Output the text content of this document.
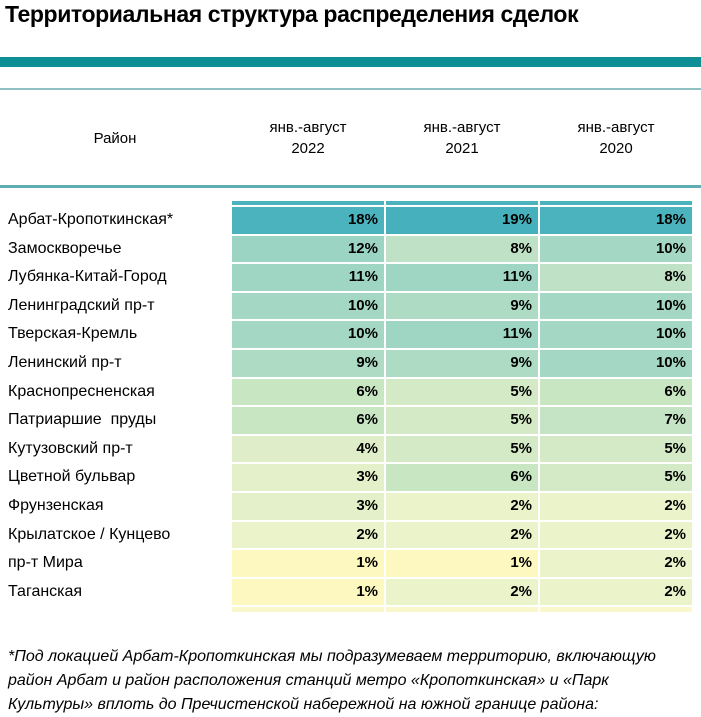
Территориальная структура распределения сделок
Район
янв.-август
2022
янв.-август
2021
янв.-август
2020
Арбат-Кропоткинская*	18%	19%	18%
Замоскворечье	12%	8%	10%
Лубянка-Китай-Город	11%	11%	8%
Ленинградский пр-т	10%	9%	10%
Тверская-Кремль	10%	11%	10%
Ленинский пр-т	9%	9%	10%
Краснопресненская	6%	5%	6%
Патриаршие  пруды	6%	5%	7%
Кутузовский пр-т	4%	5%	5%
Цветной бульвар	3%	6%	5%
Фрунзенская	3%	2%	2%
Крылатское / Кунцево	2%	2%	2%
пр-т Мира	1%	1%	2%
Таганская	1%	2%	2%
*Под локацией Арбат-Кропоткинская мы подразумеваем территорию, включающую район Арбат и район расположения станций метро «Кропоткинская» и «Парк Культуры» вплоть до Пречистенской набережной на южной границе района:
